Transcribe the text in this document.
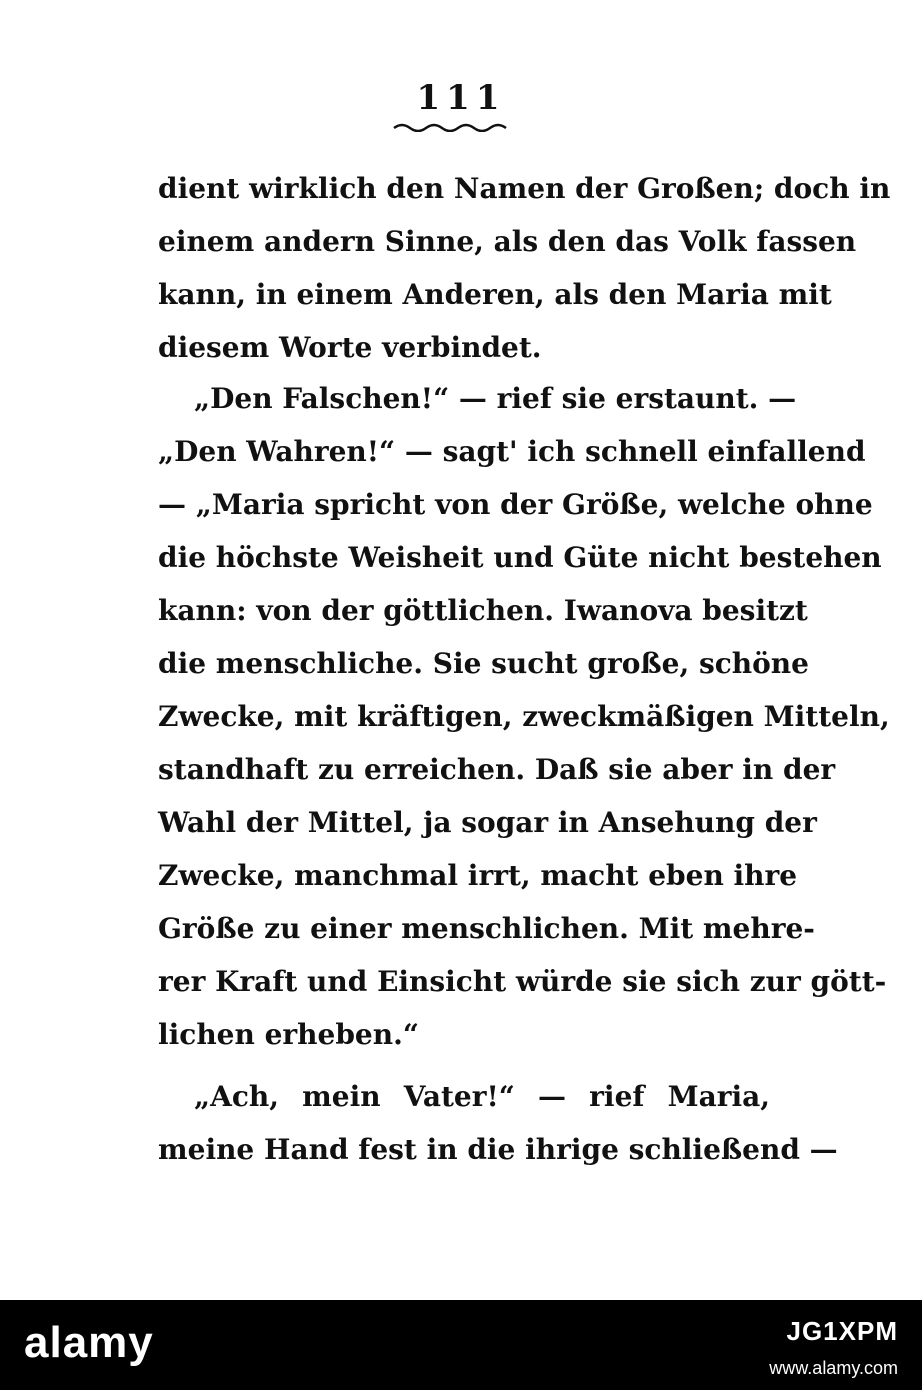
111
dient wirklich den Namen der Großen; doch in
einem andern Sinne, als den das Volk fassen
kann, in einem Anderen, als den Maria mit
diesem Worte verbindet.
„Den Falschen!“ — rief sie erstaunt. —
„Den Wahren!“ — sagt' ich schnell einfallend
— „Maria spricht von der Größe, welche ohne
die höchste Weisheit und Güte nicht bestehen
kann: von der göttlichen. Iwanova besitzt
die menschliche. Sie sucht große, schöne
Zwecke, mit kräftigen, zweckmäßigen Mitteln,
standhaft zu erreichen. Daß sie aber in der
Wahl der Mittel, ja sogar in Ansehung der
Zwecke, manchmal irrt, macht eben ihre
Größe zu einer menschlichen. Mit mehre-
rer Kraft und Einsicht würde sie sich zur gött-
lichen erheben.“
„Ach, mein Vater!“ — rief Maria,
meine Hand fest in die ihrige schließend —
alamy	JG1XPM
www.alamy.com
